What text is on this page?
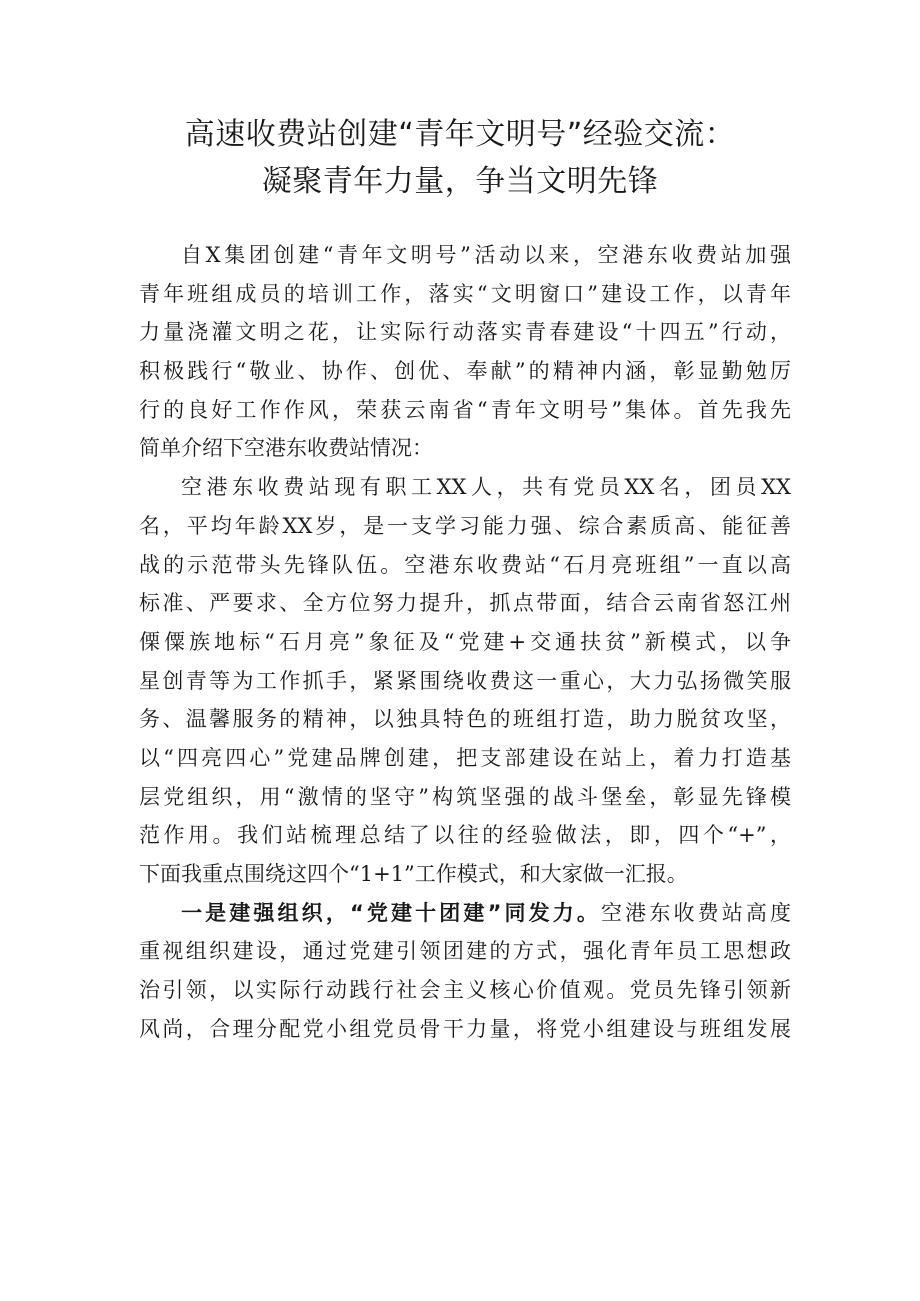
高速收费站创建“青年文明号”经验交流：
凝聚青年力量，争当文明先锋
自X集团创建“青年文明号”活动以来，空港东收费站加强
青年班组成员的培训工作，落实“文明窗口”建设工作，以青年
力量浇灌文明之花，让实际行动落实青春建设“十四五”行动，
积极践行“敬业、协作、创优、奉献”的精神内涵，彰显勤勉厉
行的良好工作作风，荣获云南省“青年文明号”集体。首先我先
简单介绍下空港东收费站情况：
空港东收费站现有职工XX人，共有党员XX名，团员XX
名，平均年龄XX岁，是一支学习能力强、综合素质高、能征善
战的示范带头先锋队伍。空港东收费站“石月亮班组”一直以高
标准、严要求、全方位努力提升，抓点带面，结合云南省怒江州
傈僳族地标“石月亮”象征及“党建+交通扶贫”新模式，以争
星创青等为工作抓手，紧紧围绕收费这一重心，大力弘扬微笑服
务、温馨服务的精神，以独具特色的班组打造，助力脱贫攻坚，
以“四亮四心”党建品牌创建，把支部建设在站上，着力打造基
层党组织，用“激情的坚守”构筑坚强的战斗堡垒，彰显先锋模
范作用。我们站梳理总结了以往的经验做法，即，四个“+”，
下面我重点围绕这四个“1+1”工作模式，和大家做一汇报。
一是建强组织，“党建十团建”同发力。空港东收费站高度
重视组织建设，通过党建引领团建的方式，强化青年员工思想政
治引领，以实际行动践行社会主义核心价值观。党员先锋引领新
风尚，合理分配党小组党员骨干力量，将党小组建设与班组发展
